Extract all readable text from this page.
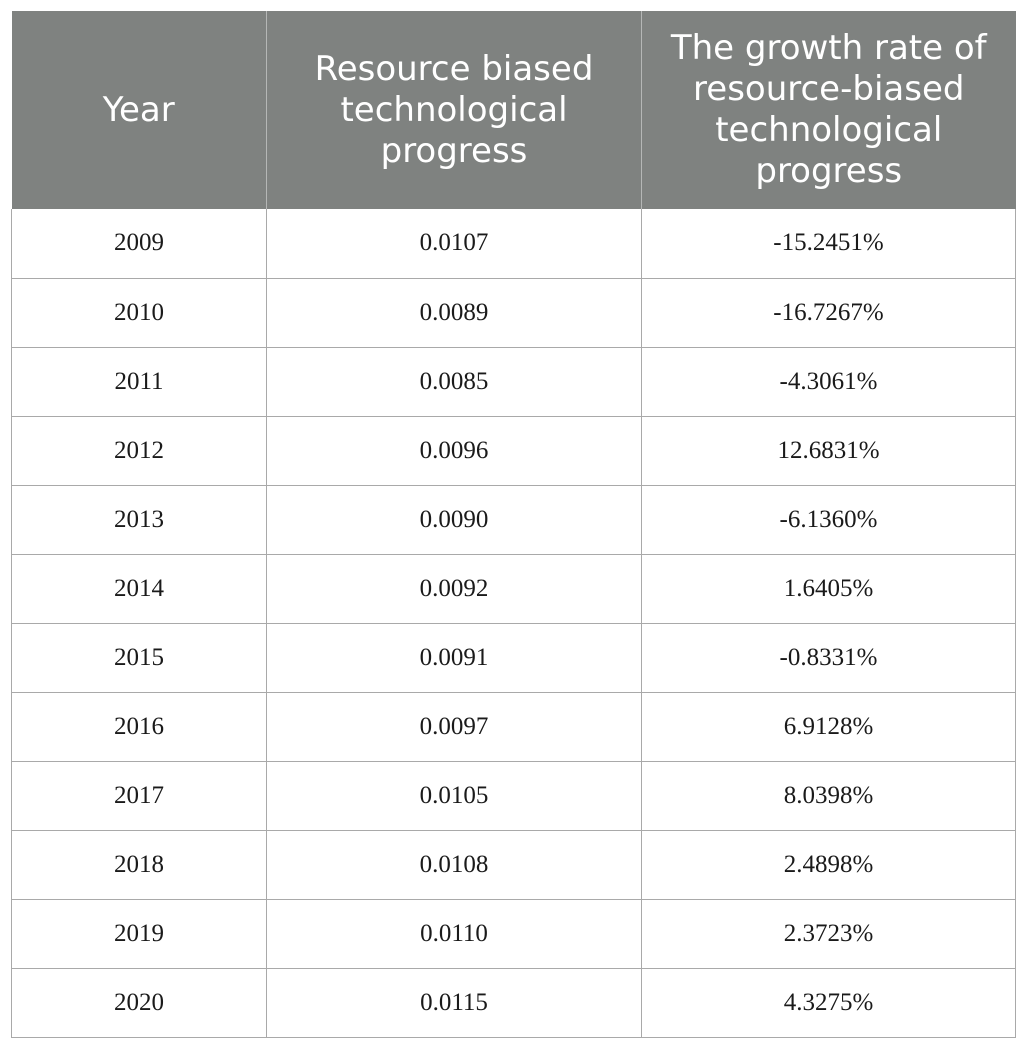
Year	Resource biased technological progress	The growth rate of resource-biased technological progress
2009	0.0107	-15.2451%
2010	0.0089	-16.7267%
2011	0.0085	-4.3061%
2012	0.0096	12.6831%
2013	0.0090	-6.1360%
2014	0.0092	1.6405%
2015	0.0091	-0.8331%
2016	0.0097	6.9128%
2017	0.0105	8.0398%
2018	0.0108	2.4898%
2019	0.0110	2.3723%
2020	0.0115	4.3275%
